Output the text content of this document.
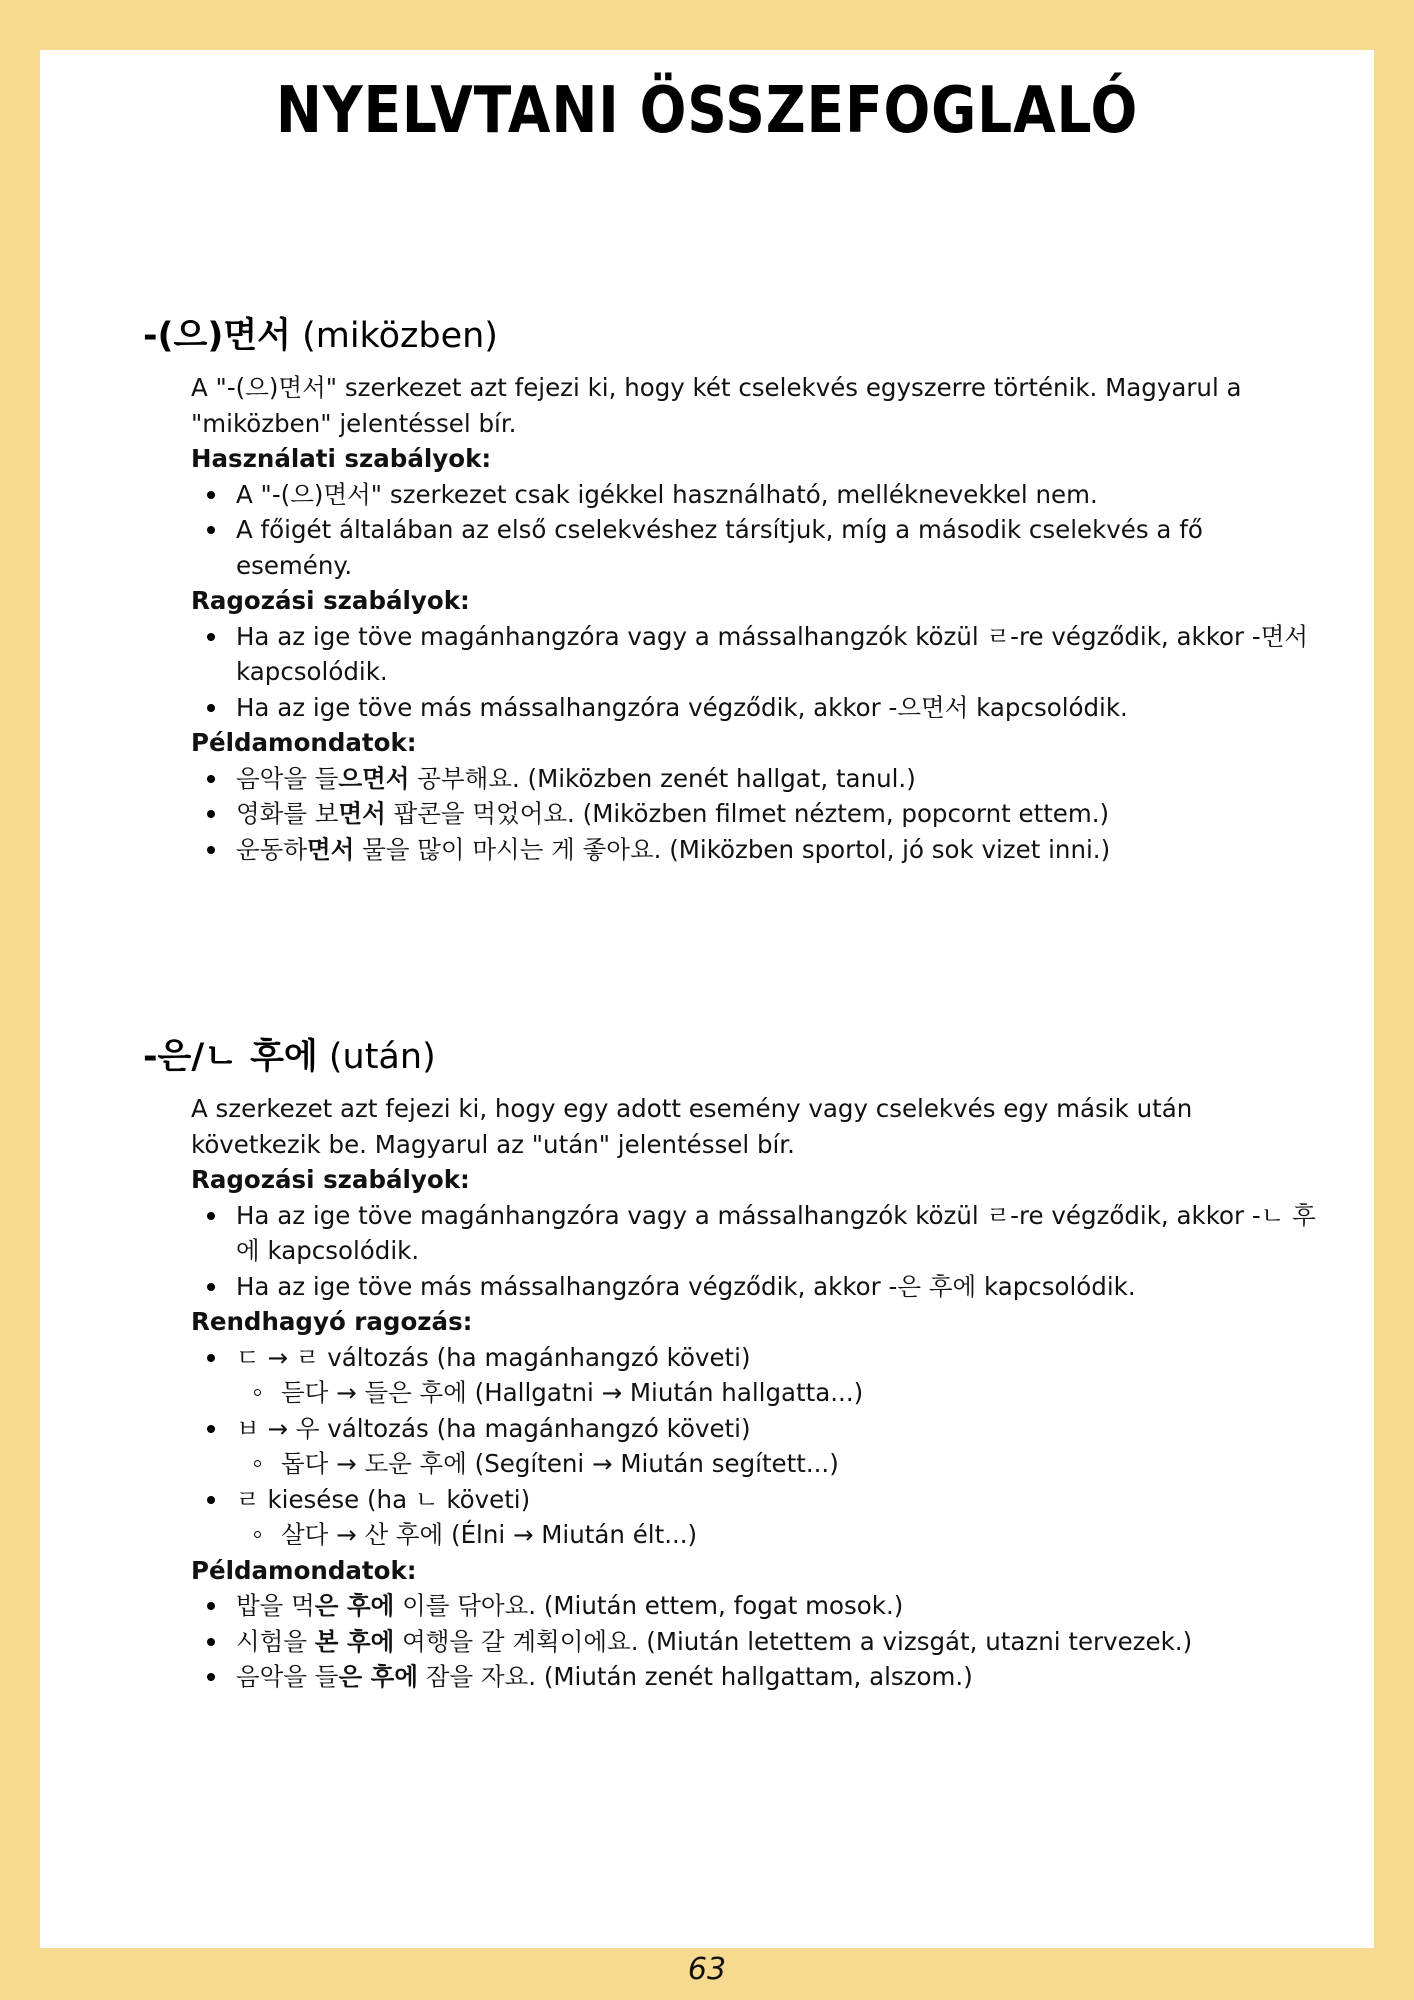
NYELVTANI ÖSSZEFOGLALÓ
-(으)면서 (miközben)

A "-(으)면서" szerkezet azt fejezi ki, hogy két cselekvés egyszerre történik. Magyarul a "miközben" jelentéssel bír.

Használati szabályok:

A "-(으)면서" szerkezet csak igékkel használható, melléknevekkel nem.
A főigét általában az első cselekvéshez társítjuk, míg a második cselekvés a fő esemény.

Ragozási szabályok:

Ha az ige töve magánhangzóra vagy a mássalhangzók közül ㄹ-re végződik, akkor -면서 kapcsolódik.
Ha az ige töve más mássalhangzóra végződik, akkor -으면서 kapcsolódik.

Példamondatok:

음악을 들으면서 공부해요. (Miközben zenét hallgat, tanul.)
영화를 보면서 팝콘을 먹었어요. (Miközben filmet néztem, popcornt ettem.)
운동하면서 물을 많이 마시는 게 좋아요. (Miközben sportol, jó sok vizet inni.)
-은/ㄴ 후에 (után)

A szerkezet azt fejezi ki, hogy egy adott esemény vagy cselekvés egy másik után következik be. Magyarul az "után" jelentéssel bír.

Ragozási szabályok:

Ha az ige töve magánhangzóra vagy a mássalhangzók közül ㄹ-re végződik, akkor -ㄴ 후에 kapcsolódik.
Ha az ige töve más mássalhangzóra végződik, akkor -은 후에 kapcsolódik.

Rendhagyó ragozás:

ㄷ → ㄹ változás (ha magánhangzó követi)
듣다 → 들은 후에 (Hallgatni → Miután hallgatta...)
ㅂ → 우 változás (ha magánhangzó követi)
돕다 → 도운 후에 (Segíteni → Miután segített...)
ㄹ kiesése (ha ㄴ követi)
살다 → 산 후에 (Élni → Miután élt...)

Példamondatok:

밥을 먹은 후에 이를 닦아요. (Miután ettem, fogat mosok.)
시험을 본 후에 여행을 갈 계획이에요. (Miután letettem a vizsgát, utazni tervezek.)
음악을 들은 후에 잠을 자요. (Miután zenét hallgattam, alszom.)
63
